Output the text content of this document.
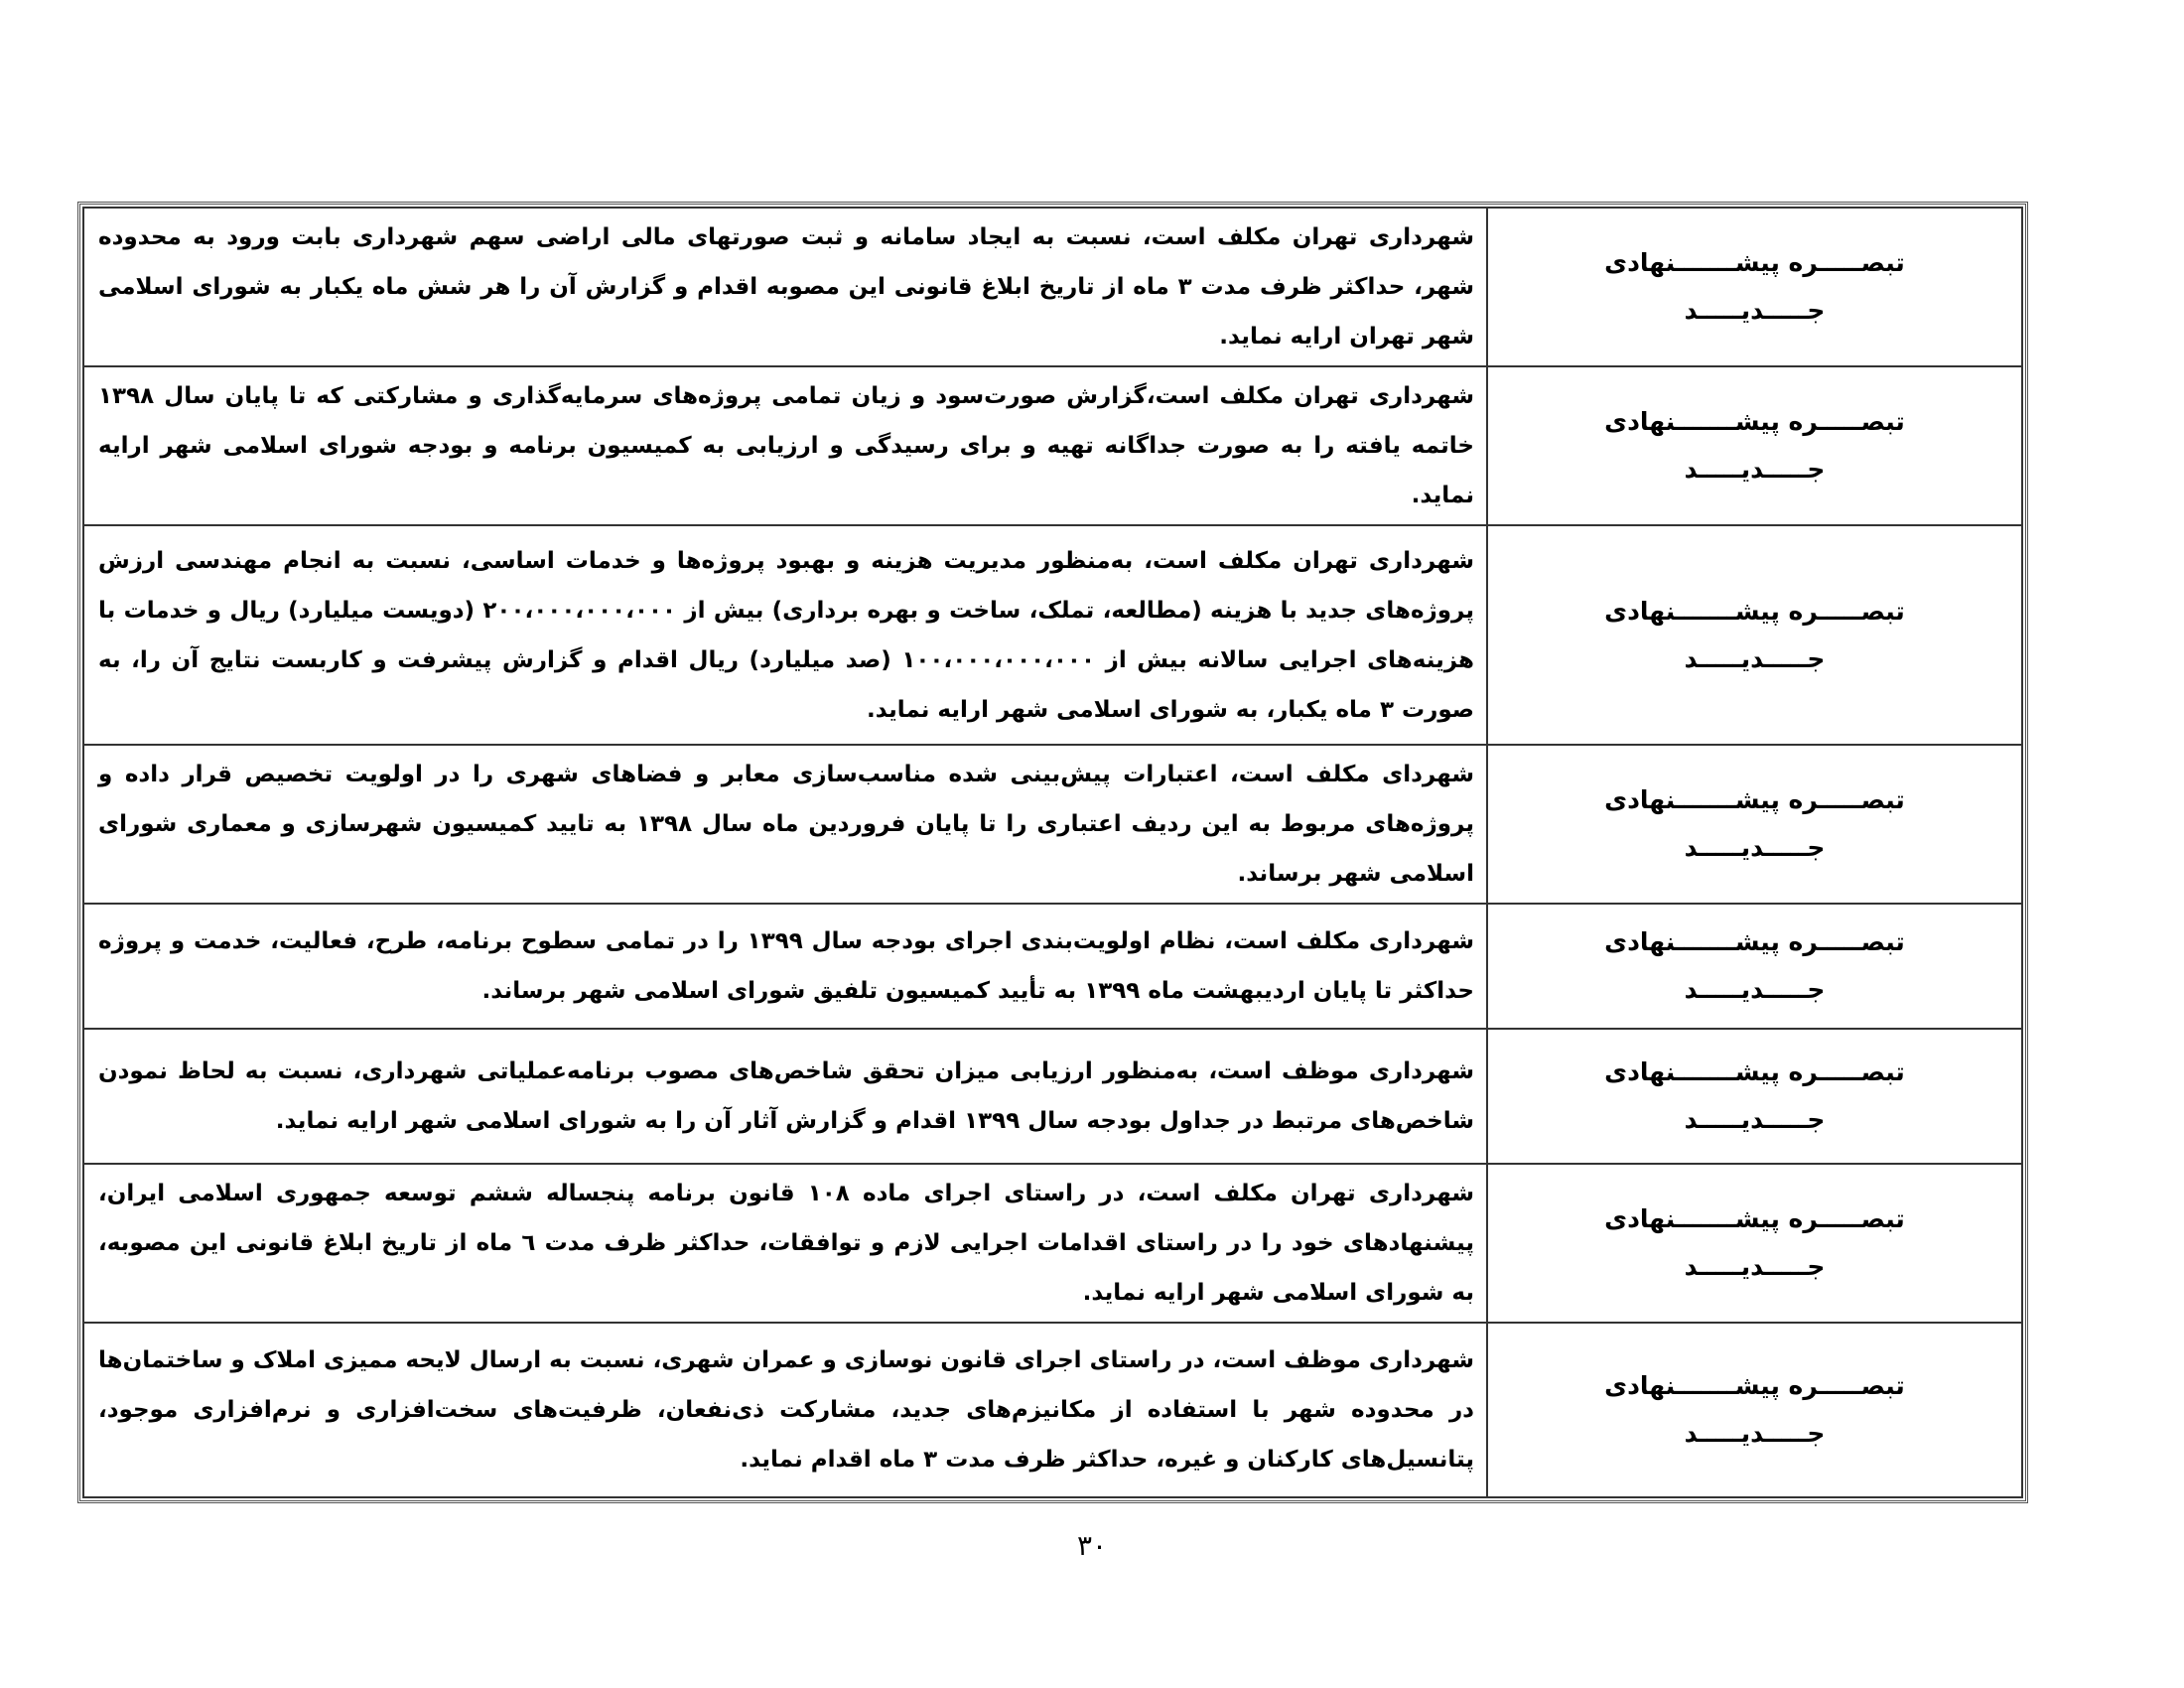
تبصـــــره پیشـــــــنهادی
جـــــدیـــــد	شهرداری تهران مکلف است، نسبت به ایجاد سامانه و ثبت صورتهای مالی اراضی سهم شهرداری بابت ورود به محدوده شهر، حداکثر ظرف مدت ۳ ماه از تاریخ ابلاغ قانونی این مصوبه اقدام و گزارش آن را هر شش ماه یکبار به شورای اسلامی شهر تهران ارایه نماید.

تبصـــــره پیشـــــــنهادی
جـــــدیـــــد	شهرداری تهران مکلف است،گزارش صورت‌سود و زیان تمامی پروژه‌های سرمایه‌گذاری و مشارکتی که تا پایان سال ۱۳۹۸ خاتمه یافته را به صورت جداگانه تهیه و برای رسیدگی و ارزیابی به کمیسیون برنامه و بودجه شورای اسلامی شهر ارایه نماید.

تبصـــــره پیشـــــــنهادی
جـــــدیـــــد	شهرداری تهران مکلف است، به‌منظور مدیریت هزینه و بهبود پروژه‌ها و خدمات اساسی، نسبت به انجام مهندسی ارزش پروژه‌های جدید با هزینه (مطالعه، تملک، ساخت و بهره برداری) بیش از ۲۰۰،۰۰۰،۰۰۰،۰۰۰ (دویست میلیارد) ریال و خدمات با هزینه‌های اجرایی سالانه بیش از ۱۰۰،۰۰۰،۰۰۰،۰۰۰ (صد میلیارد) ریال اقدام و گزارش پیشرفت و کاربست نتایج آن را، به صورت ۳ ماه یکبار، به شورای اسلامی شهر ارایه نماید.

تبصـــــره پیشـــــــنهادی
جـــــدیـــــد	شهردای مکلف است، اعتبارات پیش‌بینی شده مناسب‌سازی معابر و فضاهای شهری را در اولویت تخصیص قرار داده و پروژه‌های مربوط به این ردیف اعتباری را تا پایان فروردین ماه سال ۱۳۹۸ به تایید کمیسیون شهرسازی و معماری شورای اسلامی شهر برساند.

تبصـــــره پیشـــــــنهادی
جـــــدیـــــد	شهرداری مکلف است، نظام اولویت‌بندی اجرای بودجه سال ۱۳۹۹ را در تمامی سطوح برنامه، طرح، فعالیت، خدمت و پروژه حداکثر تا پایان اردیبهشت ماه ۱۳۹۹ به تأیید کمیسیون تلفیق شورای اسلامی شهر برساند.

تبصـــــره پیشـــــــنهادی
جـــــدیـــــد	شهرداری موظف است، به‌منظور ارزیابی میزان تحقق شاخص‌های مصوب برنامه‌عملیاتی شهرداری، نسبت به لحاظ نمودن شاخص‌های مرتبط در جداول بودجه سال ۱۳۹۹ اقدام و گزارش آثار آن را به شورای اسلامی شهر ارایه نماید.

تبصـــــره پیشـــــــنهادی
جـــــدیـــــد	شهرداری تهران مکلف است، در راستای اجرای ماده ۱۰۸ قانون برنامه پنجساله ششم توسعه جمهوری اسلامی ایران، پیشنهادهای خود را در راستای اقدامات اجرایی لازم و توافقات، حداکثر ظرف مدت ٦ ماه از تاریخ ابلاغ قانونی این مصوبه، به شورای اسلامی شهر ارایه نماید.

تبصـــــره پیشـــــــنهادی
جـــــدیـــــد	شهرداری موظف است، در راستای اجرای قانون نوسازی و عمران شهری، نسبت به ارسال لایحه ممیزی املاک و ساختمان‌ها در محدوده شهر با استفاده از مکانیزم‌های جدید، مشارکت ذی‌نفعان، ظرفیت‌های سخت‌افزاری و نرم‌افزاری موجود، پتانسیل‌های کارکنان و غیره، حداکثر ظرف مدت ۳ ماه اقدام نماید.
۳۰
